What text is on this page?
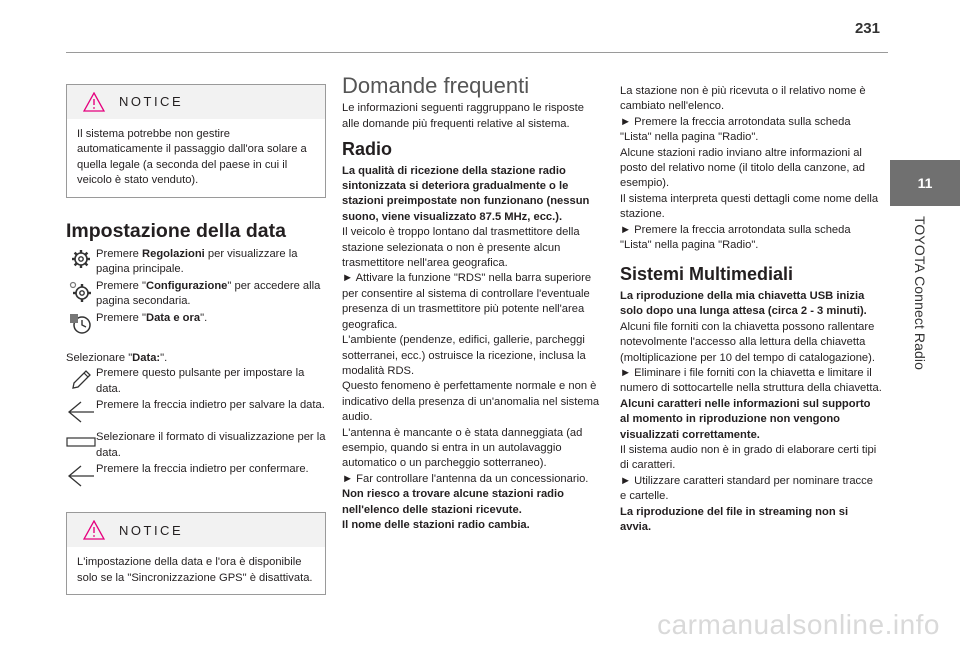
231
11
TOYOTA Connect Radio
NOTICE
Il sistema potrebbe non gestire automaticamente il passaggio dall'ora solare a quella legale (a seconda del paese in cui il veicolo è stato venduto).
Impostazione della data

Premere Regolazioni per visualizzare la pagina principale.

Premere "Configurazione" per accedere alla pagina secondaria.

Premere "Data e ora".

Selezionare "Data:".

Premere questo pulsante per impostare la data.

Premere la freccia indietro per salvare la data.

Selezionare il formato di visualizzazione per la data.

Premere la freccia indietro per confermare.

NOTICE
L'impostazione della data e l'ora è disponibile solo se la "Sincronizzazione GPS" è disattivata.
Domande frequenti

Le informazioni seguenti raggruppano le risposte alle domande più frequenti relative al sistema.

Radio

La qualità di ricezione della stazione radio sintonizzata si deteriora gradualmente o le stazioni preimpostate non funzionano (nessun suono, viene visualizzato 87.5 MHz, ecc.).

Il veicolo è troppo lontano dal trasmettitore della stazione selezionata o non è presente alcun trasmettitore nell'area geografica.

► Attivare la funzione "RDS" nella barra superiore per consentire al sistema di controllare l'eventuale presenza di un trasmettitore più potente nell'area geografica.

L'ambiente (pendenze, edifici, gallerie, parcheggi sotterranei, ecc.) ostruisce la ricezione, inclusa la modalità RDS.

Questo fenomeno è perfettamente normale e non è indicativo della presenza di un'anomalia nel sistema audio.

L'antenna è mancante o è stata danneggiata (ad esempio, quando si entra in un autolavaggio automatico o un parcheggio sotterraneo).

► Far controllare l'antenna da un concessionario.

Non riesco a trovare alcune stazioni radio nell'elenco delle stazioni ricevute.

Il nome delle stazioni radio cambia.

La stazione non è più ricevuta o il relativo nome è cambiato nell'elenco.

► Premere la freccia arrotondata sulla scheda "Lista" nella pagina "Radio".

Alcune stazioni radio inviano altre informazioni al posto del relativo nome (il titolo della canzone, ad esempio).

Il sistema interpreta questi dettagli come nome della stazione.

► Premere la freccia arrotondata sulla scheda "Lista" nella pagina "Radio".

Sistemi Multimediali

La riproduzione della mia chiavetta USB inizia solo dopo una lunga attesa (circa 2 - 3 minuti).

Alcuni file forniti con la chiavetta possono rallentare notevolmente l'accesso alla lettura della chiavetta (moltiplicazione per 10 del tempo di catalogazione).

► Eliminare i file forniti con la chiavetta e limitare il numero di sottocartelle nella struttura della chiavetta.

Alcuni caratteri nelle informazioni sul supporto al momento in riproduzione non vengono visualizzati correttamente.

Il sistema audio non è in grado di elaborare certi tipi di caratteri.

► Utilizzare caratteri standard per nominare tracce e cartelle.

La riproduzione del file in streaming non si avvia.

carmanualsonline.info
